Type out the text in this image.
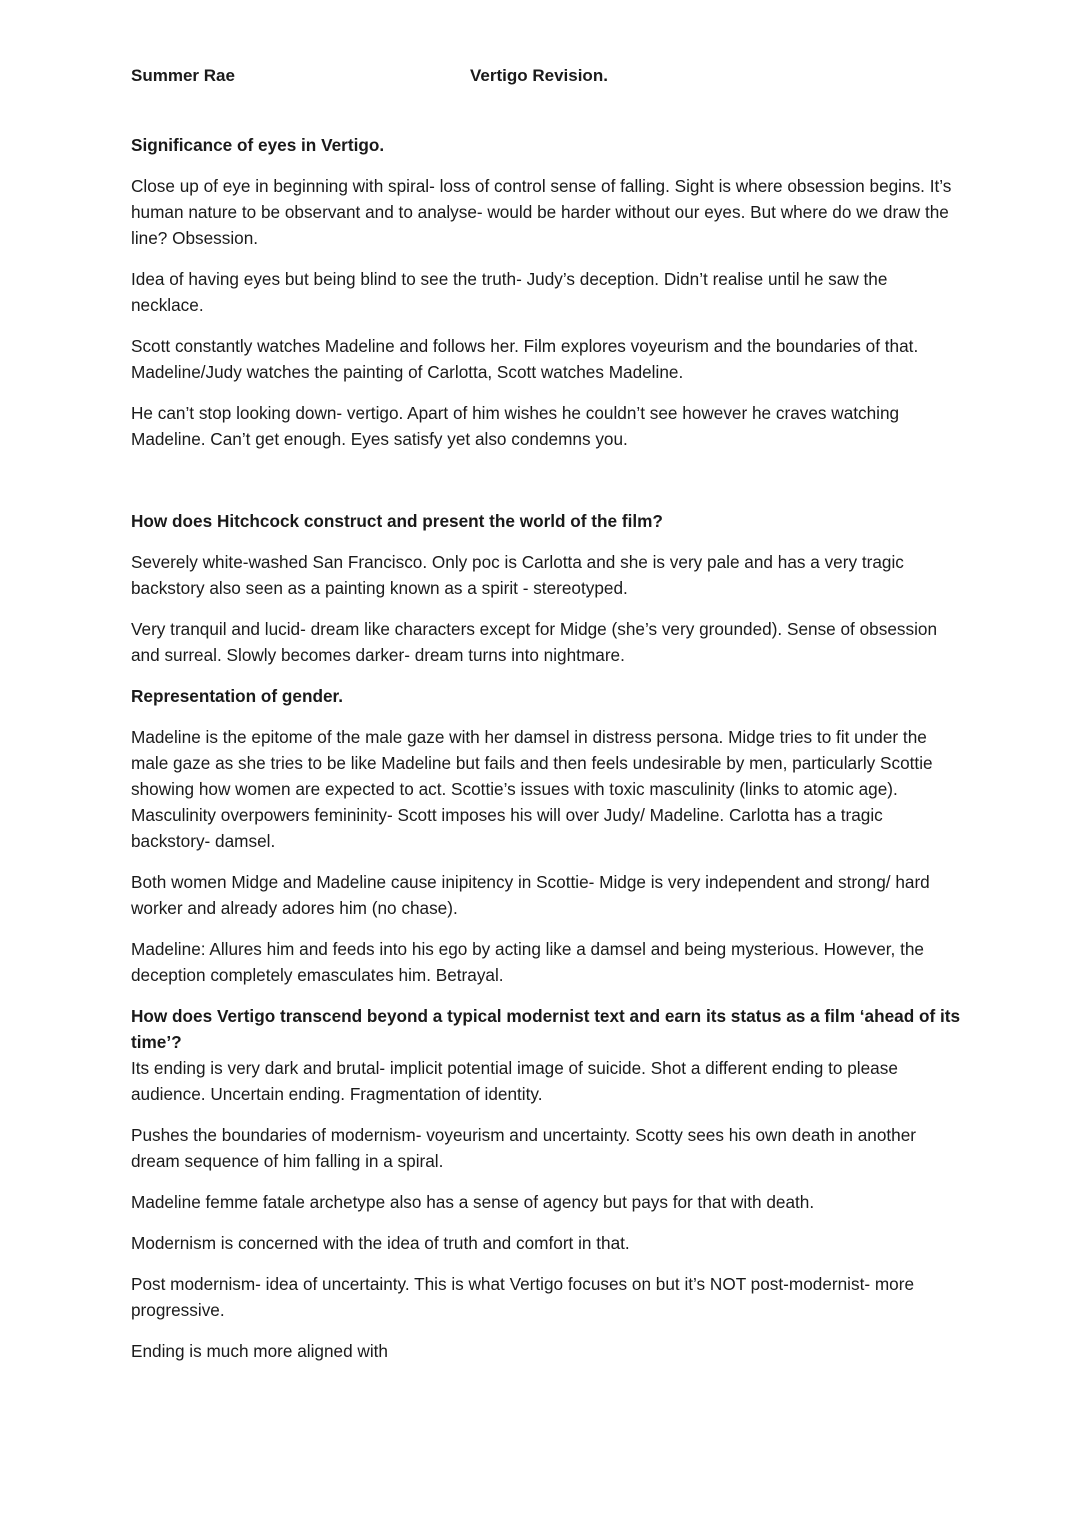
Summer Rae	Vertigo Revision.
Significance of eyes in Vertigo.

Close up of eye in beginning with spiral- loss of control sense of falling. Sight is where obsession begins. It’s human nature to be observant and to analyse- would be harder without our eyes. But where do we draw the line? Obsession.

Idea of having eyes but being blind to see the truth- Judy’s deception. Didn’t realise until he saw the necklace.

Scott constantly watches Madeline and follows her. Film explores voyeurism and the boundaries of that.

Madeline/Judy watches the painting of Carlotta, Scott watches Madeline.

He can’t stop looking down- vertigo. Apart of him wishes he couldn’t see however he craves watching Madeline. Can’t get enough. Eyes satisfy yet also condemns you.

How does Hitchcock construct and present the world of the film?

Severely white-washed San Francisco. Only poc is Carlotta and she is very pale and has a very tragic backstory also seen as a painting known as a spirit - stereotyped.

Very tranquil and lucid- dream like characters except for Midge (she’s very grounded). Sense of obsession and surreal. Slowly becomes darker- dream turns into nightmare.

Representation of gender.

Madeline is the epitome of the male gaze with her damsel in distress persona. Midge tries to fit under the male gaze as she tries to be like Madeline but fails and then feels undesirable by men, particularly Scottie showing how women are expected to act. Scottie’s issues with toxic masculinity (links to atomic age). Masculinity overpowers femininity- Scott imposes his will over Judy/ Madeline. Carlotta has a tragic backstory- damsel.

Both women Midge and Madeline cause inipitency in Scottie- Midge is very independent and strong/ hard worker and already adores him (no chase).

Madeline: Allures him and feeds into his ego by acting like a damsel and being mysterious. However, the deception completely emasculates him. Betrayal.

How does Vertigo transcend beyond a typical modernist text and earn its status as a film ‘ahead of its time’?

Its ending is very dark and brutal- implicit potential image of suicide. Shot a different ending to please audience. Uncertain ending. Fragmentation of identity.

Pushes the boundaries of modernism- voyeurism and uncertainty. Scotty sees his own death in another dream sequence of him falling in a spiral.

Madeline femme fatale archetype also has a sense of agency but pays for that with death.

Modernism is concerned with the idea of truth and comfort in that.

Post modernism- idea of uncertainty. This is what Vertigo focuses on but it’s NOT post-modernist- more progressive.

Ending is much more aligned with
